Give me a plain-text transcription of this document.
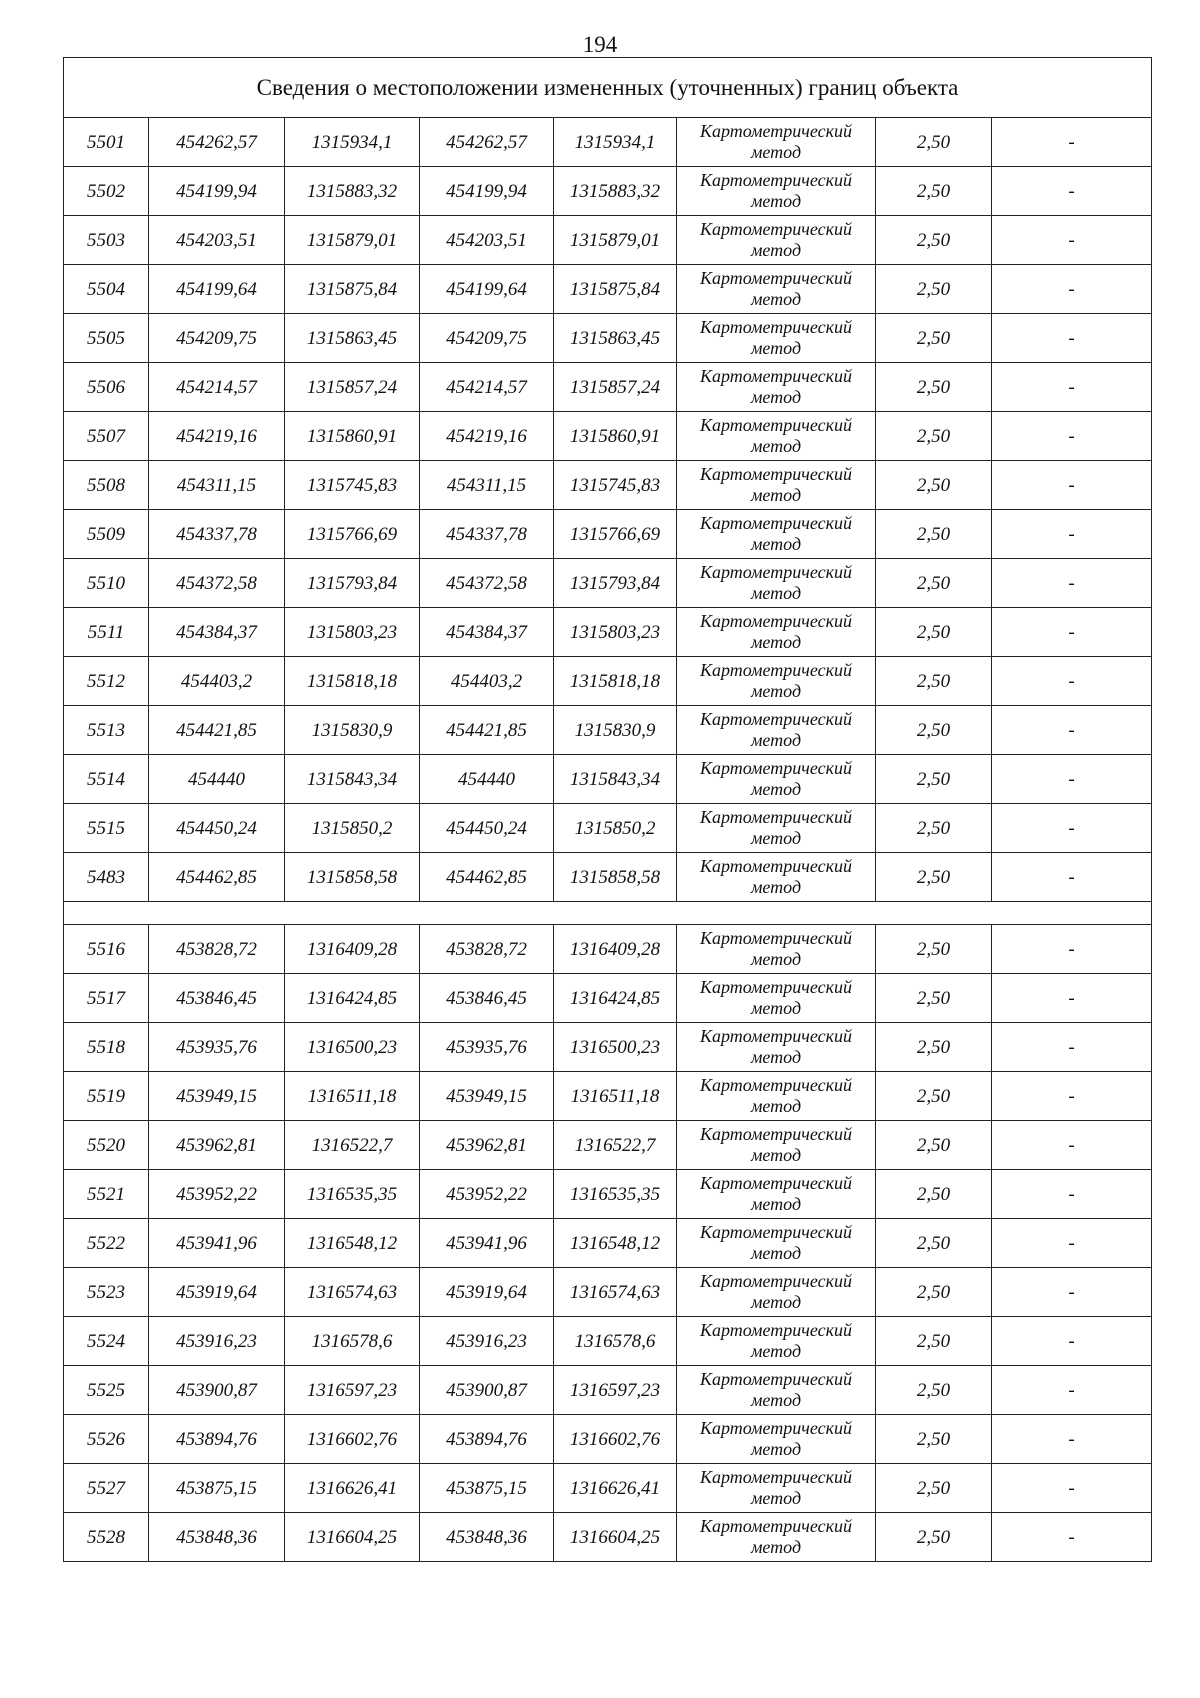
194
Сведения о местоположении измененных (уточненных) границ объекта							
5501	454262,57	1315934,1	454262,57	1315934,1	Картометрический метод	2,50	-
5502	454199,94	1315883,32	454199,94	1315883,32	Картометрический метод	2,50	-
5503	454203,51	1315879,01	454203,51	1315879,01	Картометрический метод	2,50	-
5504	454199,64	1315875,84	454199,64	1315875,84	Картометрический метод	2,50	-
5505	454209,75	1315863,45	454209,75	1315863,45	Картометрический метод	2,50	-
5506	454214,57	1315857,24	454214,57	1315857,24	Картометрический метод	2,50	-
5507	454219,16	1315860,91	454219,16	1315860,91	Картометрический метод	2,50	-
5508	454311,15	1315745,83	454311,15	1315745,83	Картометрический метод	2,50	-
5509	454337,78	1315766,69	454337,78	1315766,69	Картометрический метод	2,50	-
5510	454372,58	1315793,84	454372,58	1315793,84	Картометрический метод	2,50	-
5511	454384,37	1315803,23	454384,37	1315803,23	Картометрический метод	2,50	-
5512	454403,2	1315818,18	454403,2	1315818,18	Картометрический метод	2,50	-
5513	454421,85	1315830,9	454421,85	1315830,9	Картометрический метод	2,50	-
5514	454440	1315843,34	454440	1315843,34	Картометрический метод	2,50	-
5515	454450,24	1315850,2	454450,24	1315850,2	Картометрический метод	2,50	-
5483	454462,85	1315858,58	454462,85	1315858,58	Картометрический метод	2,50	-

5516	453828,72	1316409,28	453828,72	1316409,28	Картометрический метод	2,50	-
5517	453846,45	1316424,85	453846,45	1316424,85	Картометрический метод	2,50	-
5518	453935,76	1316500,23	453935,76	1316500,23	Картометрический метод	2,50	-
5519	453949,15	1316511,18	453949,15	1316511,18	Картометрический метод	2,50	-
5520	453962,81	1316522,7	453962,81	1316522,7	Картометрический метод	2,50	-
5521	453952,22	1316535,35	453952,22	1316535,35	Картометрический метод	2,50	-
5522	453941,96	1316548,12	453941,96	1316548,12	Картометрический метод	2,50	-
5523	453919,64	1316574,63	453919,64	1316574,63	Картометрический метод	2,50	-
5524	453916,23	1316578,6	453916,23	1316578,6	Картометрический метод	2,50	-
5525	453900,87	1316597,23	453900,87	1316597,23	Картометрический метод	2,50	-
5526	453894,76	1316602,76	453894,76	1316602,76	Картометрический метод	2,50	-
5527	453875,15	1316626,41	453875,15	1316626,41	Картометрический метод	2,50	-
5528	453848,36	1316604,25	453848,36	1316604,25	Картометрический метод	2,50	-
